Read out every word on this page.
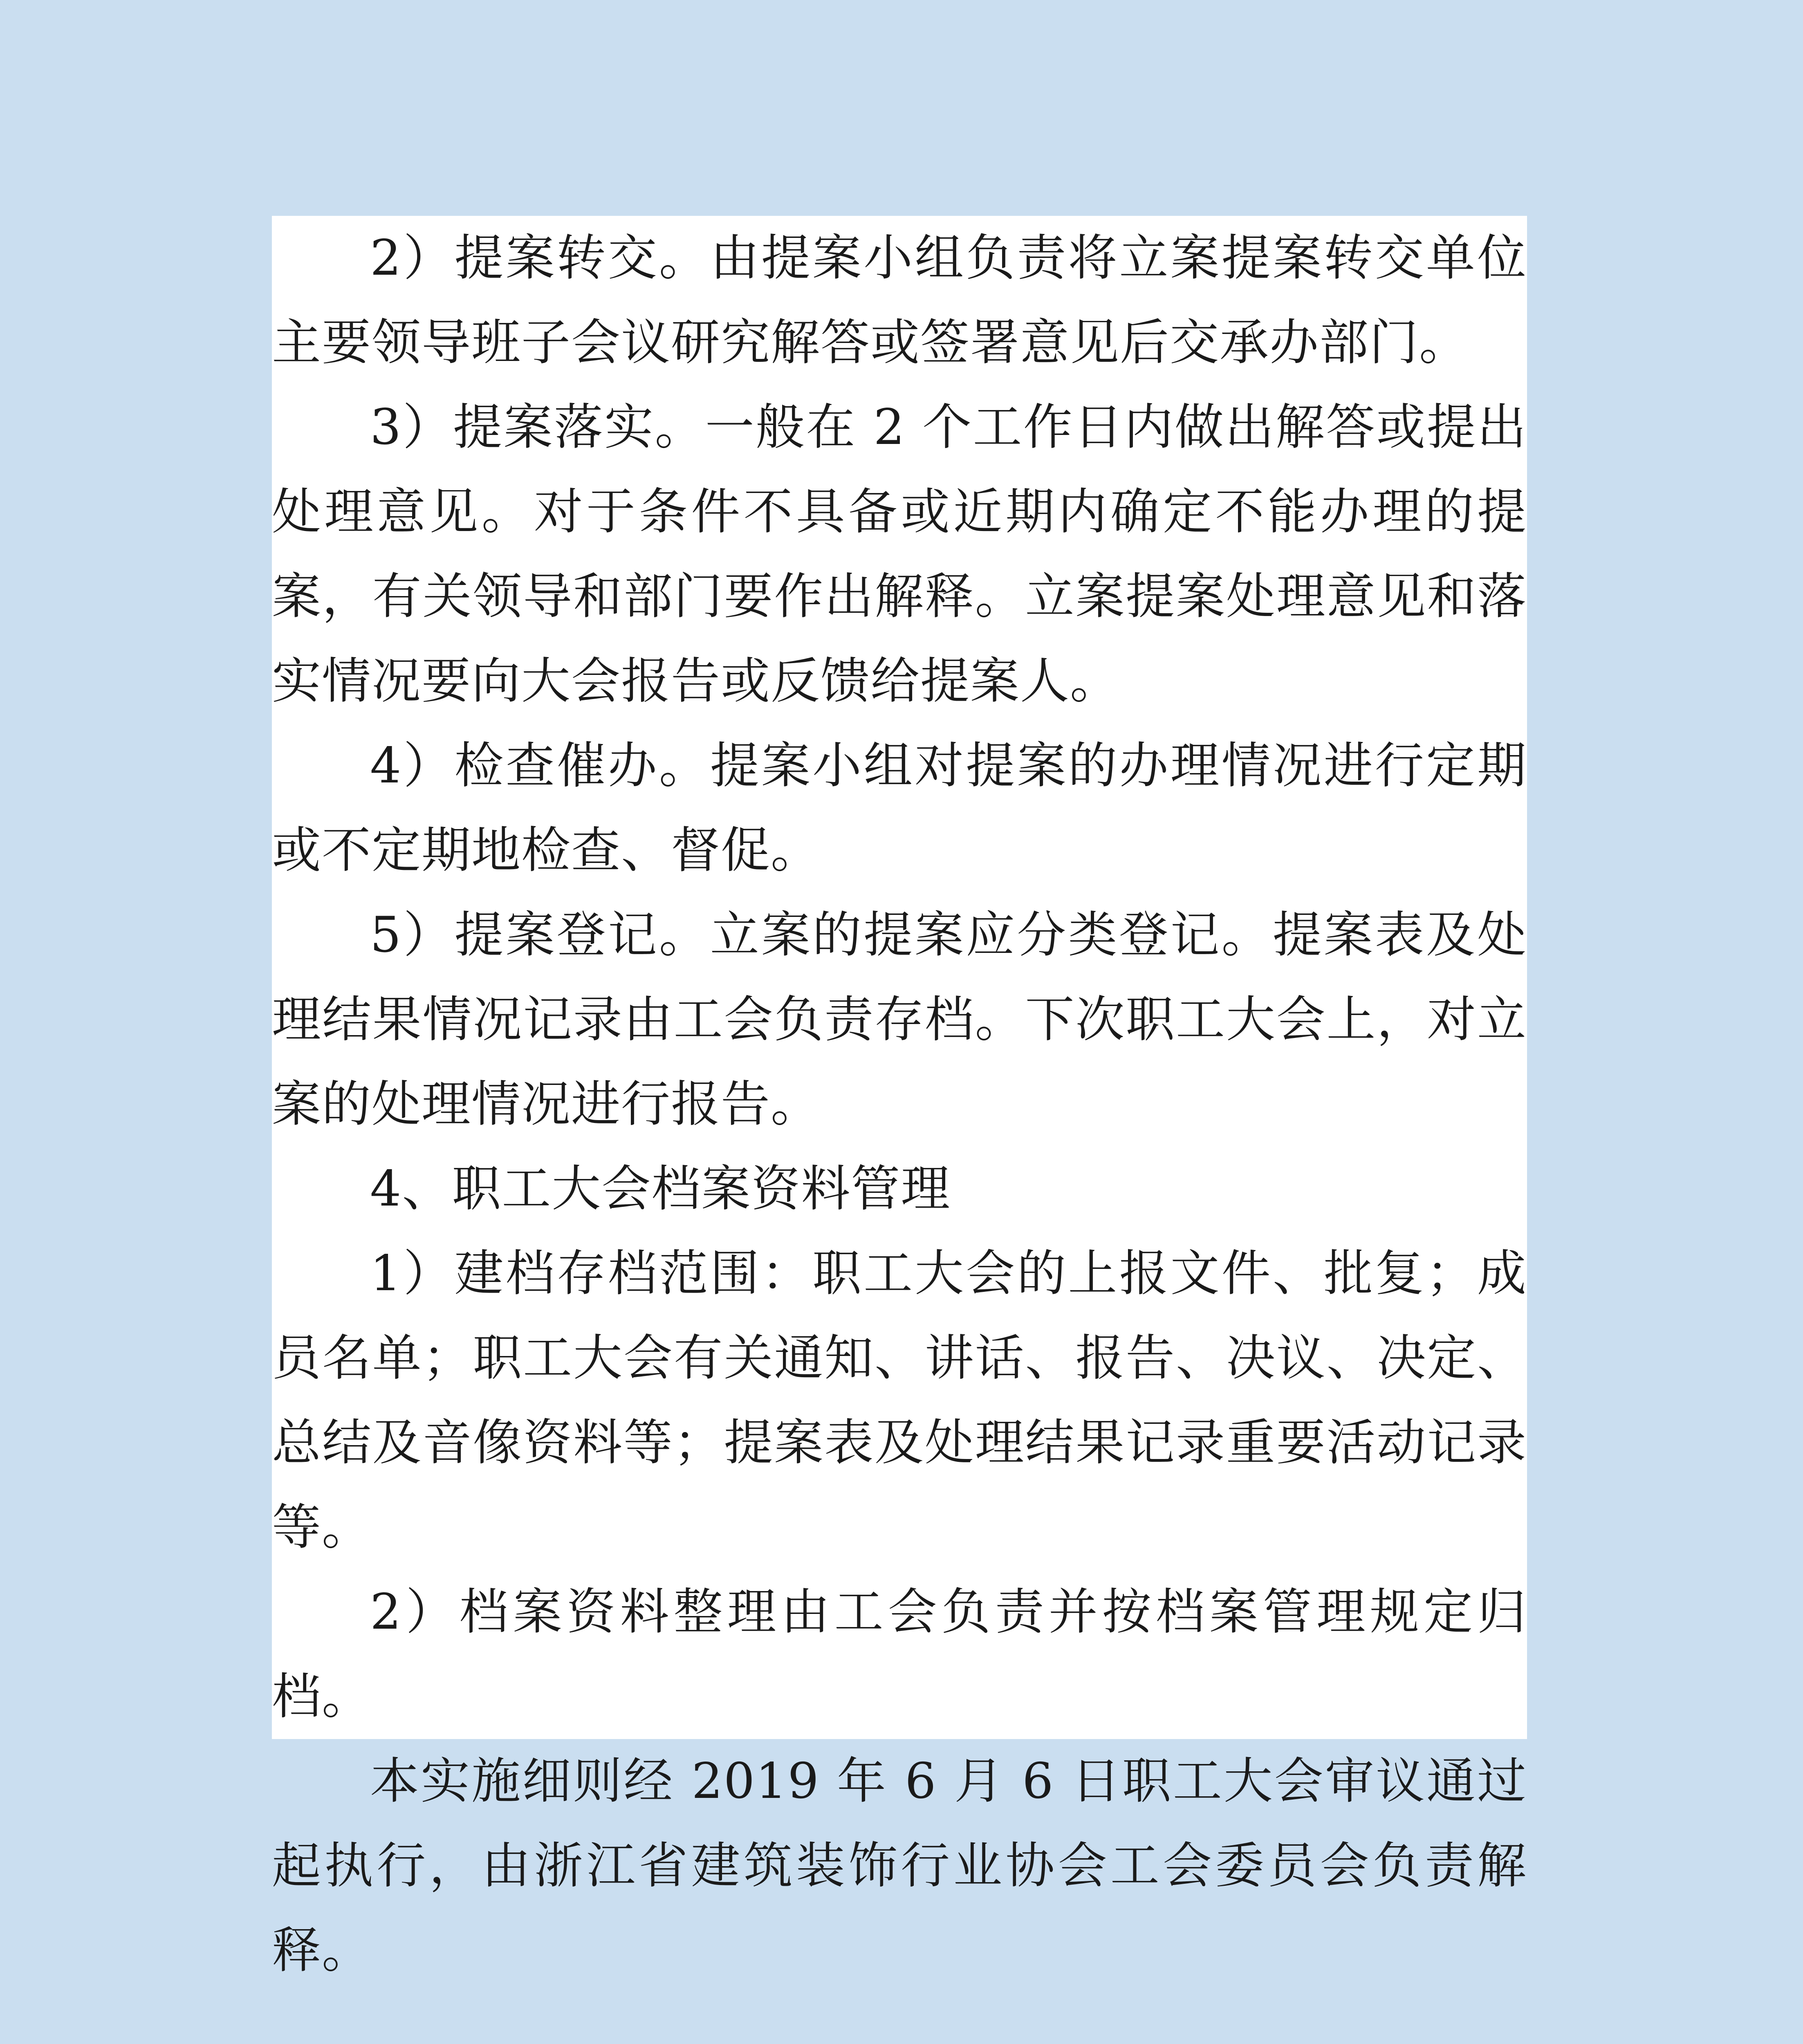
2）提案转交。由提案小组负责将立案提案转交单位主要领导班子会议研究解答或签署意见后交承办部门。

3）提案落实。一般在 2 个工作日内做出解答或提出处理意见。对于条件不具备或近期内确定不能办理的提案，有关领导和部门要作出解释。立案提案处理意见和落实情况要向大会报告或反馈给提案人。

4）检查催办。提案小组对提案的办理情况进行定期或不定期地检查、督促。

5）提案登记。立案的提案应分类登记。提案表及处理结果情况记录由工会负责存档。下次职工大会上，对立案的处理情况进行报告。

4、职工大会档案资料管理

1）建档存档范围：职工大会的上报文件、批复；成员名单；职工大会有关通知、讲话、报告、决议、决定、总结及音像资料等；提案表及处理结果记录重要活动记录等。

2）档案资料整理由工会负责并按档案管理规定归档。

本实施细则经 2019 年 6 月 6 日职工大会审议通过起执行，由浙江省建筑装饰行业协会工会委员会负责解释。
